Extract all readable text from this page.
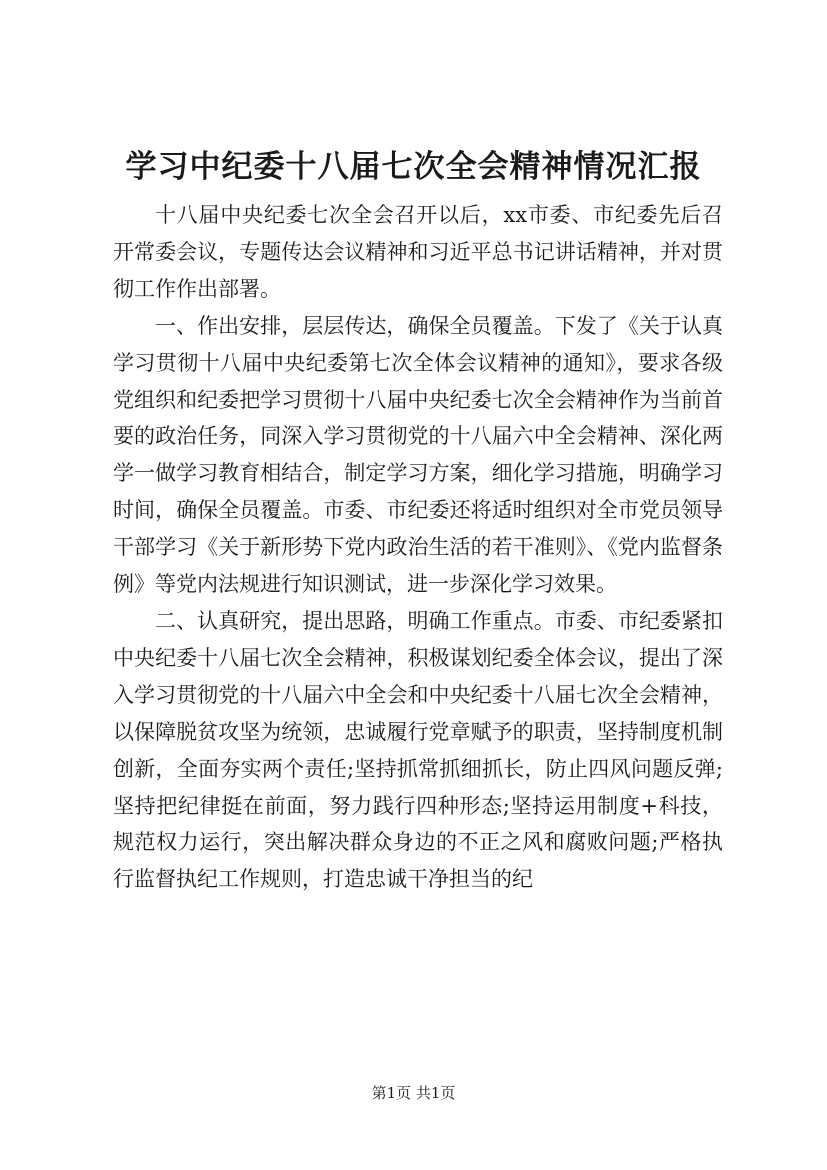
学习中纪委十八届七次全会精神情况汇报

十八届中央纪委七次全会召开以后，xx市委、市纪委先后召开常委会议，专题传达会议精神和习近平总书记讲话精神，并对贯彻工作作出部署。

一、作出安排，层层传达，确保全员覆盖。下发了《关于认真学习贯彻十八届中央纪委第七次全体会议精神的通知》，要求各级党组织和纪委把学习贯彻十八届中央纪委七次全会精神作为当前首要的政治任务，同深入学习贯彻党的十八届六中全会精神、深化两学一做学习教育相结合，制定学习方案，细化学习措施，明确学习时间，确保全员覆盖。市委、市纪委还将适时组织对全市党员领导干部学习《关于新形势下党内政治生活的若干准则》、《党内监督条例》等党内法规进行知识测试，进一步深化学习效果。

二、认真研究，提出思路，明确工作重点。市委、市纪委紧扣中央纪委十八届七次全会精神，积极谋划纪委全体会议，提出了深入学习贯彻党的十八届六中全会和中央纪委十八届七次全会精神，以保障脱贫攻坚为统领，忠诚履行党章赋予的职责，坚持制度机制创新，全面夯实两个责任;坚持抓常抓细抓长，防止四风问题反弹;坚持把纪律挺在前面，努力践行四种形态;坚持运用制度+科技，规范权力运行，突出解决群众身边的不正之风和腐败问题;严格执行监督执纪工作规则，打造忠诚干净担当的纪

第1页 共1页
